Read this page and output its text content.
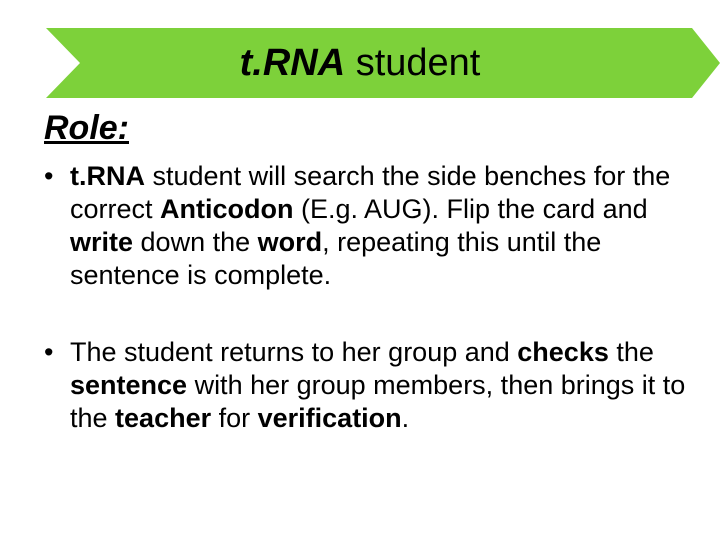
t.RNA student
Role:
• t.RNA student will search the side benches for the correct Anticodon (E.g. AUG). Flip the card and write down the word, repeating this until the sentence is complete.
• The student returns to her group and checks the sentence with her group members, then brings it to the teacher for verification.
